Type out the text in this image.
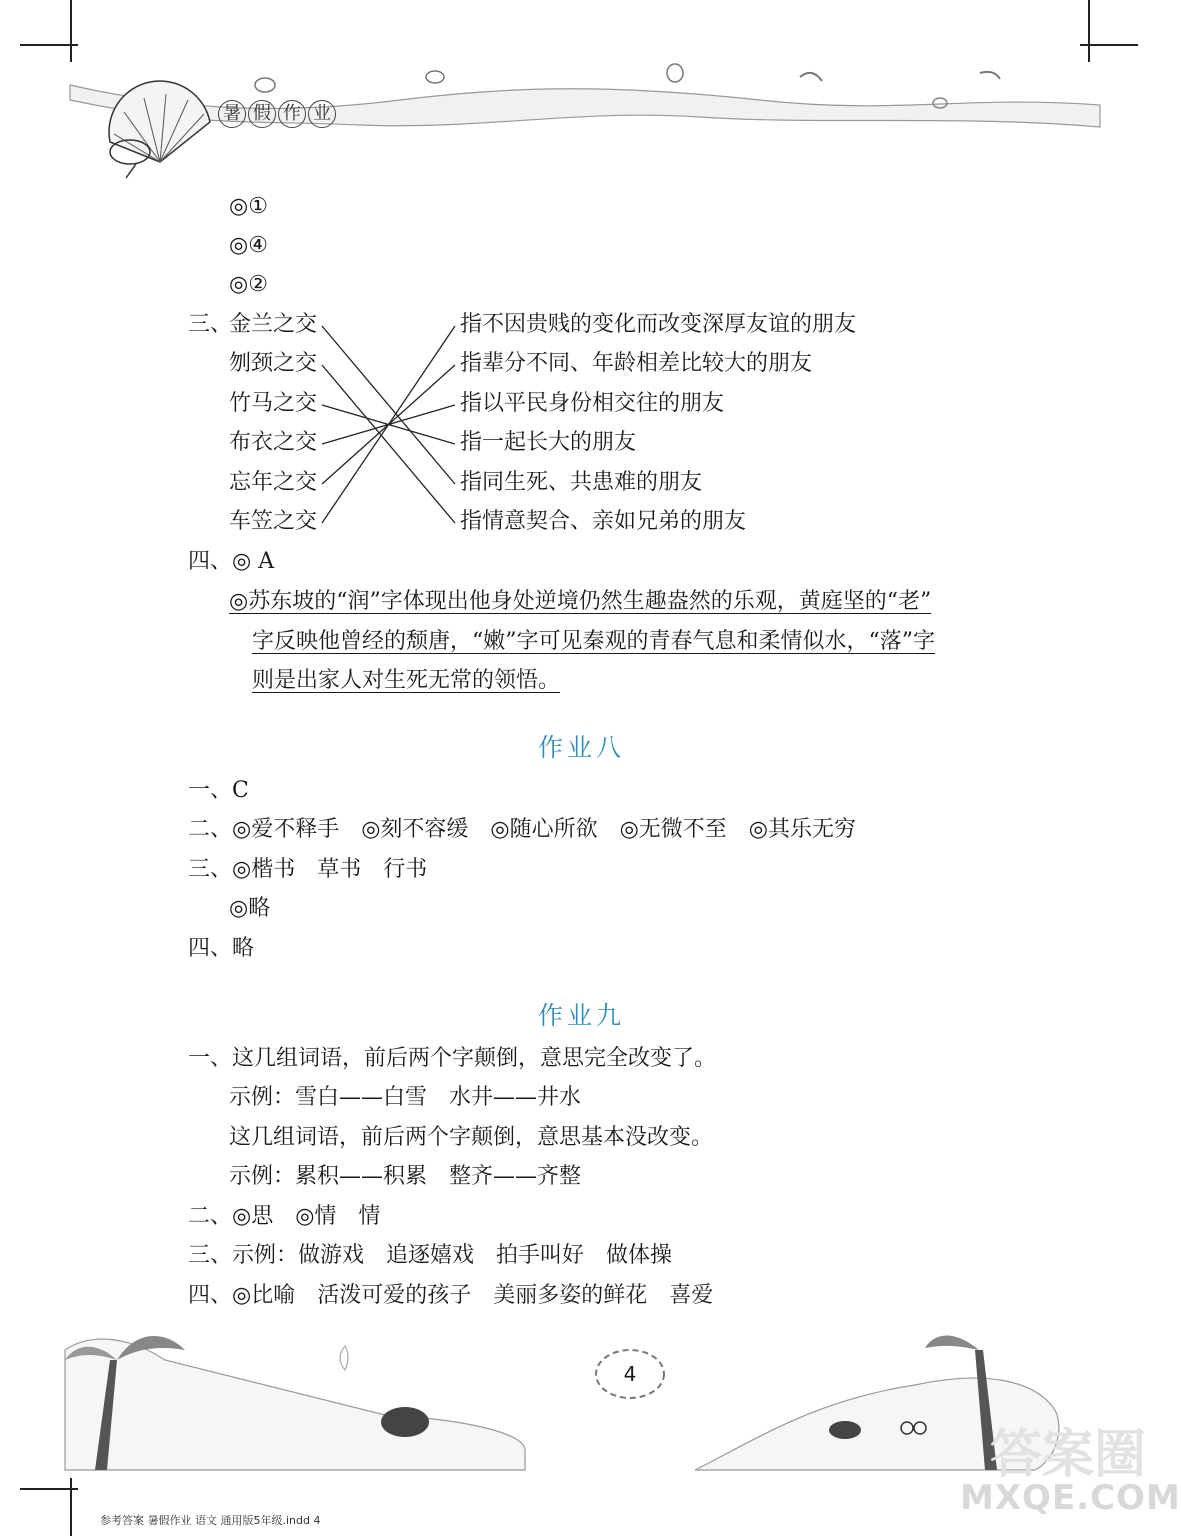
暑 假 作 业
◎①
◎④
◎②
三、
金兰之交
刎颈之交
竹马之交
布衣之交
忘年之交
车笠之交
指不因贵贱的变化而改变深厚友谊的朋友
指辈分不同、年龄相差比较大的朋友
指以平民身份相交往的朋友
指一起长大的朋友
指同生死、共患难的朋友
指情意契合、亲如兄弟的朋友
四、◎ A
◎苏东坡的“润”字体现出他身处逆境仍然生趣盎然的乐观，黄庭坚的“老”
字反映他曾经的颓唐，“嫩”字可见秦观的青春气息和柔情似水，“落”字
则是出家人对生死无常的领悟。
作业八
一、C
二、◎爱不释手　◎刻不容缓　◎随心所欲　◎无微不至　◎其乐无穷
三、◎楷书　草书　行书
◎略
四、略
作业九
一、这几组词语，前后两个字颠倒，意思完全改变了。
示例：雪白——白雪　水井——井水
这几组词语，前后两个字颠倒，意思基本没改变。
示例：累积——积累　整齐——齐整
二、◎思　◎情　情
三、示例：做游戏　追逐嬉戏　拍手叫好　做体操
四、◎比喻　活泼可爱的孩子　美丽多姿的鲜花　喜爱
4
参考答案 暑假作业 语文 通用版5年级.indd 4
答案圈
MXQE.COM
